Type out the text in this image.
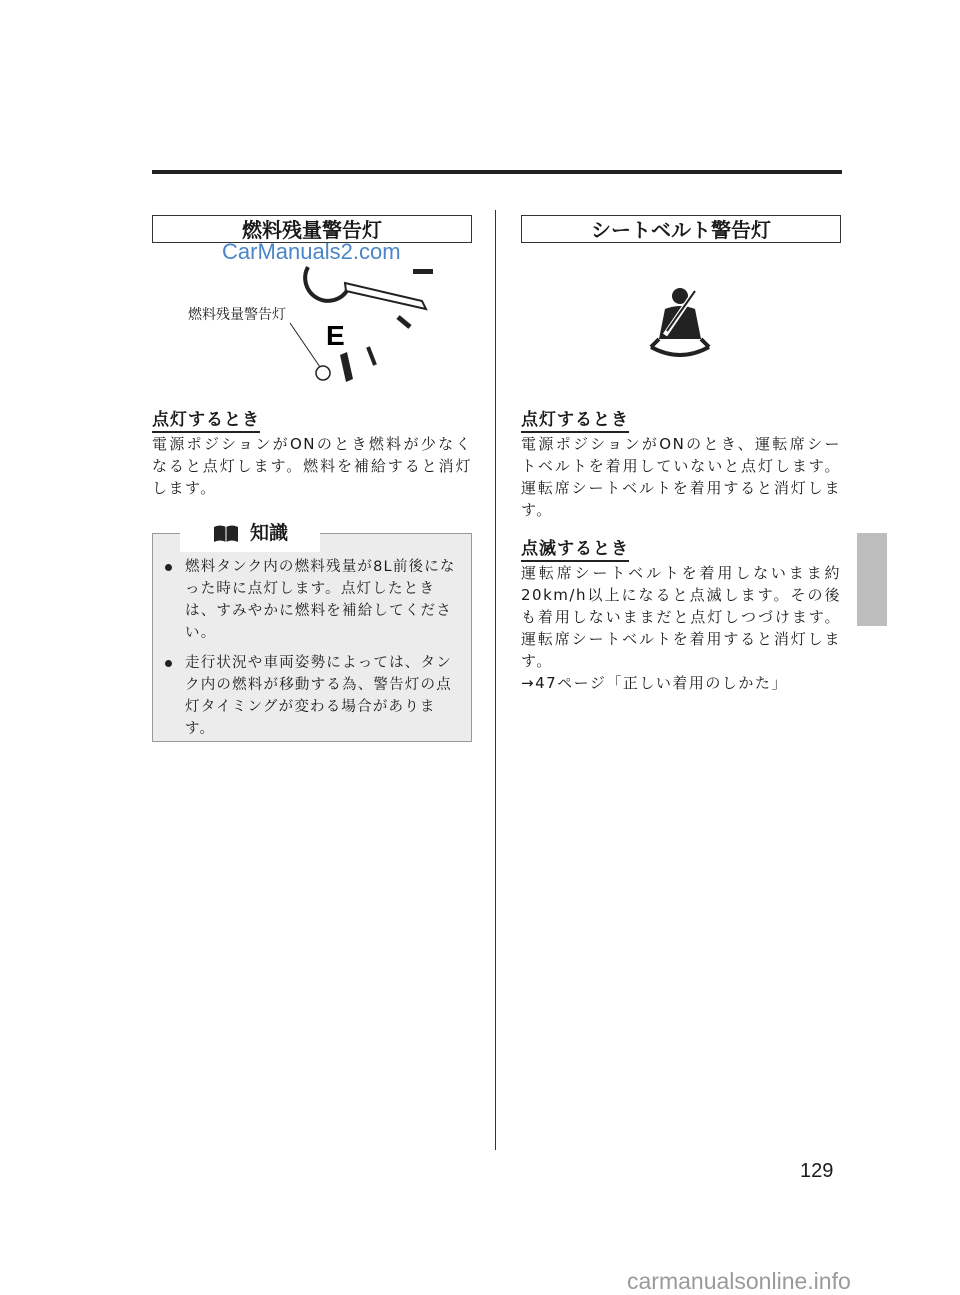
燃料残量警告灯
CarManuals2.com
E
燃料残量警告灯
点灯するとき
電源ポジションがONのとき燃料が少なくなると点灯します。燃料を補給すると消灯します。
知識
燃料タンク内の燃料残量が8L前後になった時に点灯します。点灯したときは、すみやかに燃料を補給してください。
走行状況や車両姿勢によっては、タンク内の燃料が移動する為、警告灯の点灯タイミングが変わる場合があります。
シートベルト警告灯
点灯するとき
電源ポジションがONのとき、運転席シートベルトを着用していないと点灯します。運転席シートベルトを着用すると消灯します。
点滅するとき
運転席シートベルトを着用しないまま約20km/h以上になると点滅します。その後も着用しないままだと点灯しつづけます。運転席シートベルトを着用すると消灯します。
→47ページ「正しい着用のしかた」
129
carmanualsonline.info
